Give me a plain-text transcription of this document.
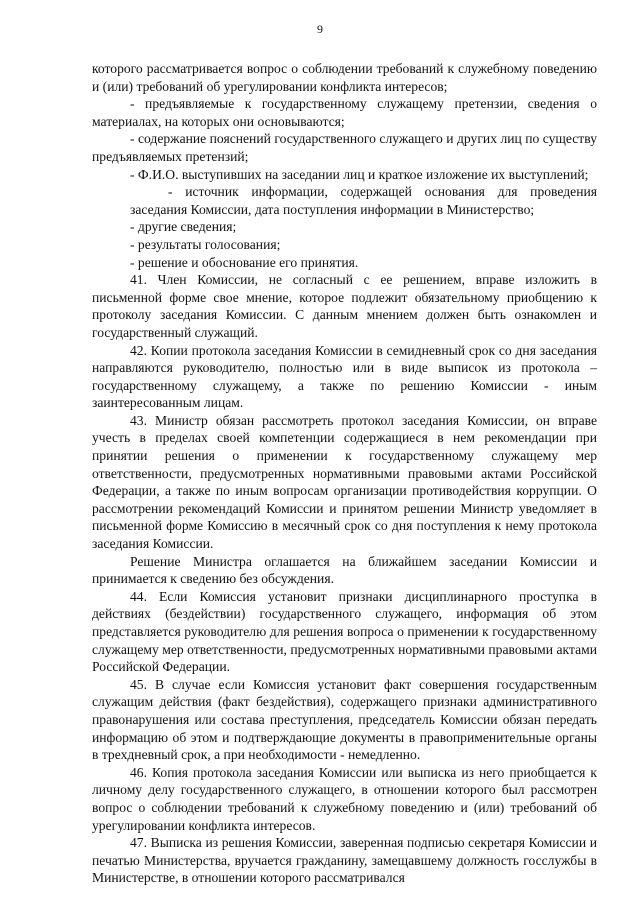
9

которого рассматривается вопрос о соблюдении требований к служебному поведению и (или) требований об урегулировании конфликта интересов;

- предъявляемые к государственному служащему претензии, сведения о материалах, на которых они основываются;

- содержание пояснений государственного служащего и других лиц по существу предъявляемых претензий;

- Ф.И.О. выступивших на заседании лиц и краткое изложение их выступлений;

- источник информации, содержащей основания для проведения заседания Комиссии, дата поступления информации в Министерство;

- другие сведения;

- результаты голосования;

- решение и обоснование его принятия.

41. Член Комиссии, не согласный с ее решением, вправе изложить в письменной форме свое мнение, которое подлежит обязательному приобщению к протоколу заседания Комиссии. С данным мнением должен быть ознакомлен и государственный служащий.

42. Копии протокола заседания Комиссии в семидневный срок со дня заседания направляются руководителю, полностью или в виде выписок из протокола – государственному служащему, а также по решению Комиссии - иным заинтересованным лицам.

43. Министр обязан рассмотреть протокол заседания Комиссии, он вправе учесть в пределах своей компетенции содержащиеся в нем рекомендации при принятии решения о применении к государственному служащему мер ответственности, предусмотренных нормативными правовыми актами Российской Федерации, а также по иным вопросам организации противодействия коррупции. О рассмотрении рекомендаций Комиссии и принятом решении Министр уведомляет в письменной форме Комиссию в месячный срок со дня поступления к нему протокола заседания Комиссии.

Решение Министра оглашается на ближайшем заседании Комиссии и принимается к сведению без обсуждения.

44. Если Комиссия установит признаки дисциплинарного проступка в действиях (бездействии) государственного служащего, информация об этом представляется руководителю для решения вопроса о применении к государственному служащему мер ответственности, предусмотренных нормативными правовыми актами Российской Федерации.

45. В случае если Комиссия установит факт совершения государственным служащим действия (факт бездействия), содержащего признаки административного правонарушения или состава преступления, председатель Комиссии обязан передать информацию об этом и подтверждающие документы в правоприменительные органы в трехдневный срок, а при необходимости - немедленно.

46. Копия протокола заседания Комиссии или выписка из него приобщается к личному делу государственного служащего, в отношении которого был рассмотрен вопрос о соблюдении требований к служебному поведению и (или) требований об урегулировании конфликта интересов.

47. Выписка из решения Комиссии, заверенная подписью секретаря Комиссии и печатью Министерства, вручается гражданину, замещавшему должность госслужбы в Министерстве, в отношении которого рассматривался
